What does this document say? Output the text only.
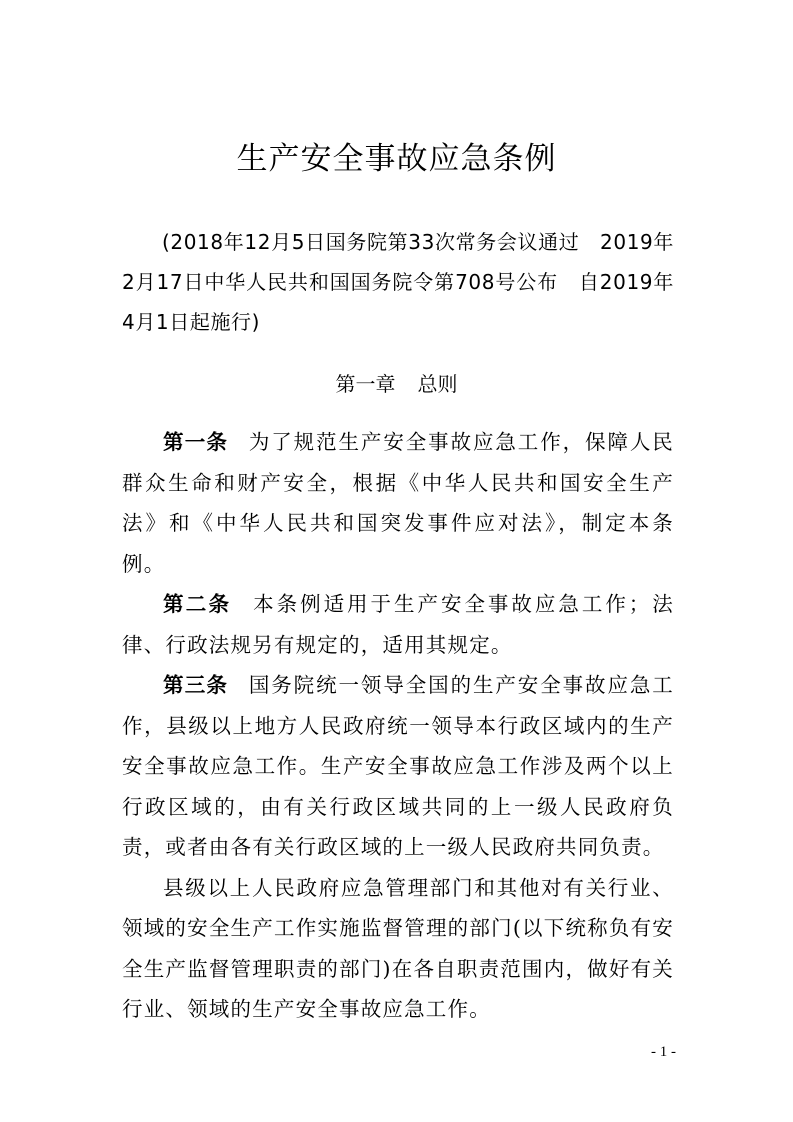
生产安全事故应急条例
(2018年12月5日国务院第33次常务会议通过　2019年2月17日中华人民共和国国务院令第708号公布　自2019年4月1日起施行)
第一章 总则

第一条 为了规范生产安全事故应急工作，保障人民群众生命和财产安全，根据《中华人民共和国安全生产法》和《中华人民共和国突发事件应对法》，制定本条例。

第二条 本条例适用于生产安全事故应急工作；法律、行政法规另有规定的，适用其规定。

第三条 国务院统一领导全国的生产安全事故应急工作，县级以上地方人民政府统一领导本行政区域内的生产安全事故应急工作。生产安全事故应急工作涉及两个以上行政区域的，由有关行政区域共同的上一级人民政府负责，或者由各有关行政区域的上一级人民政府共同负责。

县级以上人民政府应急管理部门和其他对有关行业、领域的安全生产工作实施监督管理的部门(以下统称负有安全生产监督管理职责的部门)在各自职责范围内，做好有关行业、领域的生产安全事故应急工作。

- 1 -
